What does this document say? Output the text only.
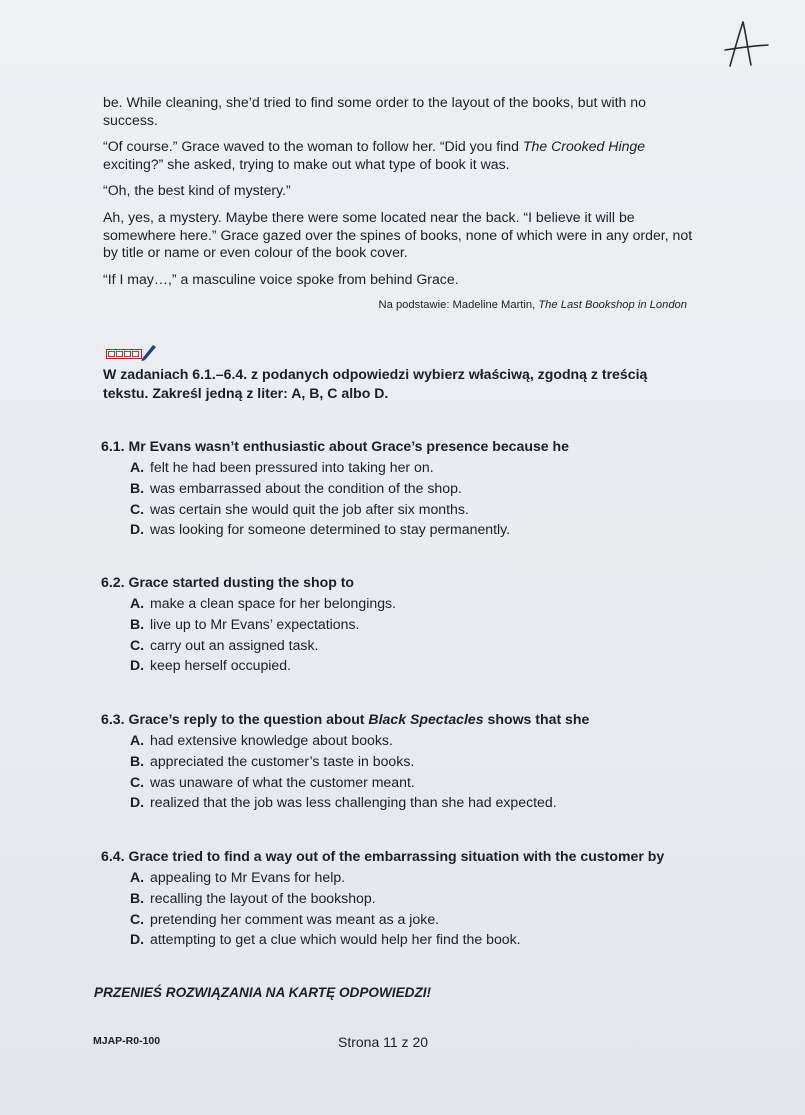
be. While cleaning, she’d tried to find some order to the layout of the books, but with no success.

“Of course.” Grace waved to the woman to follow her. “Did you find The Crooked Hinge exciting?” she asked, trying to make out what type of book it was.

“Oh, the best kind of mystery.”

Ah, yes, a mystery. Maybe there were some located near the back. “I believe it will be somewhere here.” Grace gazed over the spines of books, none of which were in any order, not by title or name or even colour of the book cover.

“If I may…,” a masculine voice spoke from behind Grace.

Na podstawie: Madeline Martin, The Last Bookshop in London
W zadaniach 6.1.–6.4. z podanych odpowiedzi wybierz właściwą, zgodną z treścią tekstu. Zakreśl jedną z liter: A, B, C albo D.
6.1. Mr Evans wasn’t enthusiastic about Grace’s presence because he
A. felt he had been pressured into taking her on.
B. was embarrassed about the condition of the shop.
C. was certain she would quit the job after six months.
D. was looking for someone determined to stay permanently.
6.2. Grace started dusting the shop to
A. make a clean space for her belongings.
B. live up to Mr Evans’ expectations.
C. carry out an assigned task.
D. keep herself occupied.
6.3. Grace’s reply to the question about Black Spectacles shows that she
A. had extensive knowledge about books.
B. appreciated the customer’s taste in books.
C. was unaware of what the customer meant.
D. realized that the job was less challenging than she had expected.
6.4. Grace tried to find a way out of the embarrassing situation with the customer by
A. appealing to Mr Evans for help.
B. recalling the layout of the bookshop.
C. pretending her comment was meant as a joke.
D. attempting to get a clue which would help her find the book.
PRZENIEŚ ROZWIĄZANIA NA KARTĘ ODPOWIEDZI!
MJAP-R0-100	Strona 11 z 20
